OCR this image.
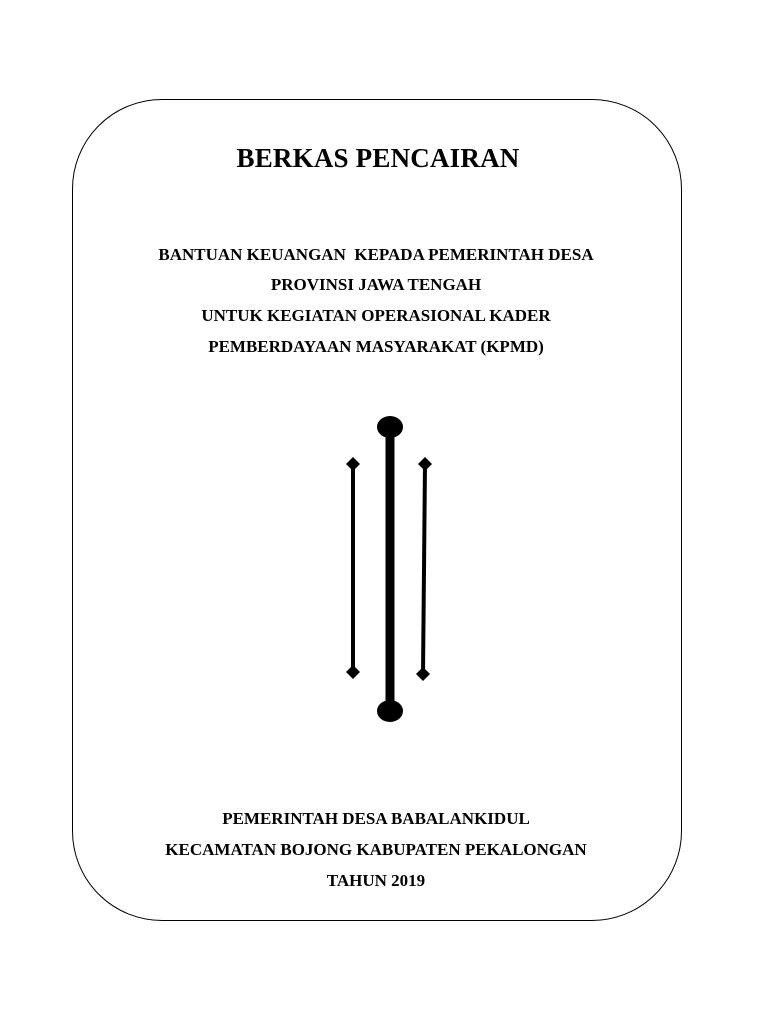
BERKAS PENCAIRAN
BANTUAN KEUANGAN  KEPADA PEMERINTAH DESA
PROVINSI JAWA TENGAH
UNTUK KEGIATAN OPERASIONAL KADER
PEMBERDAYAAN MASYARAKAT (KPMD)
PEMERINTAH DESA BABALANKIDUL
KECAMATAN BOJONG KABUPATEN PEKALONGAN
TAHUN 2019
